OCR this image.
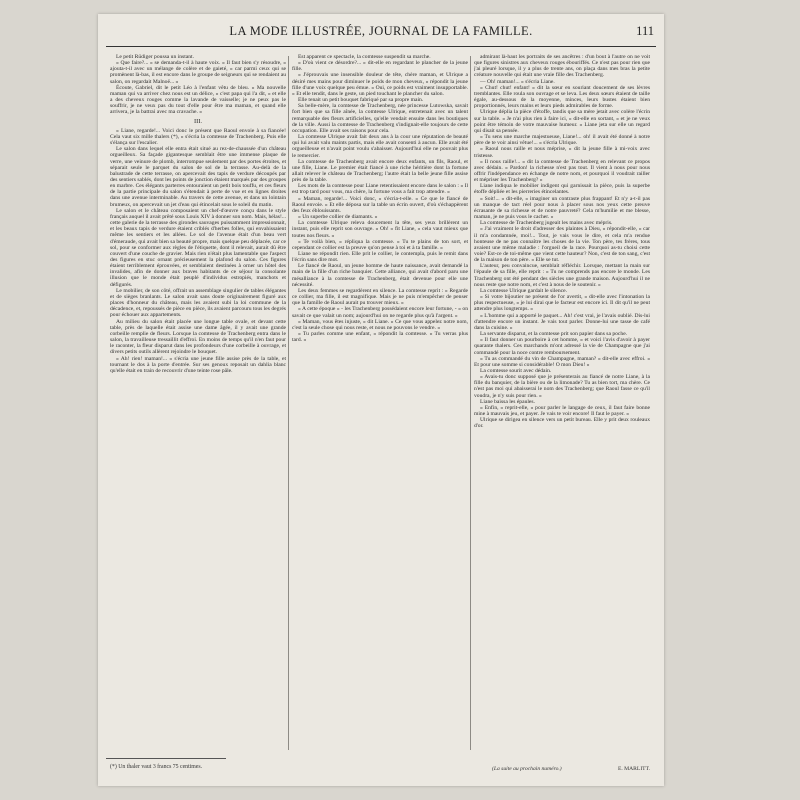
LA MODE ILLUSTRÉE, JOURNAL DE LA FAMILLE.	111

Le petit Rüdiger poussa un instant.

« Que faire?... » se demanda-t-il à haute voix. « Il faut bien s'y résoudre, » ajouta-t-il avec un mélange de colère et de gaieté, « car parmi ceux qui se promènent là-bas, il est encore dans le groupe de seigneurs qui se rendaient au salon, on regardait Malnoë... »

Écoute, Gabriel, dit le petit Léo à l'enfant vêtu de bleu. « Ma nouvelle maman qui va arriver chez nous est un délice, » c'est papa qui l'a dit, « et elle a des cheveux rouges comme la lavande de vaisselle; je ne peux pas le souffrir, je ne veux pas du tout d'elle pour être ma maman, et quand elle arrivera, je la battrai avec ma cravache. »

III.

« Liane, regarde!... Voici donc le présent que Raoul envoie à sa fiancée! Cela vaut six mille thalers (*), » s'écria la comtesse de Trachenberg. Puis elle s'élança sur l'escalier.

Le salon dans lequel elle entra était situé au rez-de-chaussée d'un château orgueilleux. Sa façade gigantesque semblait être une immense plaque de verre, une veinure de plomb, interrompue seulement par des portes étroites, et séparait seule le parquet du salon de sol de la terrasse. Au-delà de la balustrade de cette terrasse, on apercevait des tapis de verdure découpés par des sentiers sablés, dont les points de jonction étaient marqués par des groupes en marbre. Ces élégants parterres entouraient un petit bois touffu, et ces fleurs de la partie principale du salon s'étendait à perte de vue et en lignes droites dans une avenue interminable. Au travers de cette avenue, et dans un lointain brumeux, on apercevait un jet d'eau qui étincelait sous le soleil du matin.

Le salon et le château composaient un chef-d'œuvre conçu dans le style français auquel il avait prêté sous Louis XIV à donner son nom. Mais, hélas!... cette galerie de la terrasse des girondes sauvages puissamment impressionnait, et les beaux tapis de verdure étaient criblés d'herbes folles, qui envahissaient même les sentiers et les allées. Le sol de l'avenue était d'un beau vert d'émeraude, qui avait bien sa beauté propre, mais quelque peu déplacée, car ce sol, pour se conformer aux règles de l'étiquette, dont il relevait, aurait dû être couvert d'une couche de gravier. Mais rien n'était plus lamentable que l'aspect des figures en stuc ornant précieusement la plafond du salon. Ces figures étaient terriblement éprouvées, et semblaient destinées à orner un hôtel des invalides, afin de donner aux braves habitants de ce séjour la consolante illusion que le monde était peuplé d'individus estropiés, manchots et défigurés.

Le mobilier, de son côté, offrait un assemblage singulier de tables élégantes et de sièges branlants. Le salon avait sans doute originairement figuré aux places d'honneur du château, mais les avaient subi la loi commune de la décadence, et, repoussés de pièce en pièce, ils avaient parcouru tous les degrés pour échouer aux appartements.

Au milieu du salon était placée une longue table ovale, et devant cette table, près de laquelle était assise une dame âgée, il y avait une grande corbeille remplie de fleurs. Lorsque la comtesse de Trachenberg entra dans le salon, la travailleuse tressaillit d'effroi. En moins de temps qu'il n'en faut pour le raconter, la fleur disparut dans les profondeurs d'une corbeille à ouvrage, et divers petits outils allèrent rejoindre le bouquet.

« Ah! rien! maman!... » s'écria une jeune fille assise près de la table, et tournant le dos à la porte d'entrée. Sur ses genoux reposait un dahlia blanc qu'elle était en train de recouvrir d'une teinte rose pâle.

Est apparent ce spectacle, la comtesse suspendit sa marche.

« D'où vient ce désordre?... » dit-elle en regardant le plancher de la jeune fille.

« J'éprouvais une insensible douleur de tête, chère maman, et Ulrique a désiré mes mains pour diminuer le poids de mon cheveux, » répondit la jeune fille d'une voix quelque peu émue. « Oui, ce poids est vraiment insupportable. » Et elle tendit, dans le geste, un pied touchant le plancher du salon.

Elle tenait un petit bouquet fabriqué par sa propre main.

Sa belle-mère, la comtesse de Trachenberg, née princesse Lutowska, savait fort bien que sa fille aînée, la comtesse Ulrique, entretenait avec un talent remarquable des fleurs artificielles, qu'elle vendait ensuite dans les boutiques de la ville. Aussi la comtesse de Trachenberg s'indignait-elle toujours de cette occupation. Elle avait ses raisons pour cela.

La comtesse Ulrique avait fait deux ans à la cour une réputation de beauté qui lui avait valu maints partis, mais elle avait consenti à aucun. Elle avait été orgueilleuse et n'avait point voulu s'abaisser. Aujourd'hui elle ne pouvait plus le remercier.

La comtesse de Trachenberg avait encore deux enfants, un fils, Raoul, et une fille, Liane. Le premier était fiancé à une riche héritière dont la fortune allait relever le château de Trachenberg; l'autre était la belle jeune fille assise près de la table.

Les mots de la comtesse pour Liane retentissaient encore dans le salon : « Il est trop tard pour vous, ma chère, la fortune vous a fait trop attendre. »

« Maman, regarde!... Voici donc, » s'écria-t-elle. « Ce que le fiancé de Raoul envoie. » Et elle déposa sur la table un écrin ouvert, d'où s'échappèrent des feux éblouissants.

« Un superbe collier de diamants. »

La comtesse Ulrique releva doucement la tête, ses yeux brillèrent un instant, puis elle reprit son ouvrage. « Oh! » fit Liane, « cela vaut mieux que toutes nos fleurs. »

« Te voilà bien, » répliqua la comtesse. « Tu te plains de ton sort, et cependant ce collier est la preuve qu'on pense à toi et à ta famille. »

Liane ne répondit rien. Elle prit le collier, le contempla, puis le remit dans l'écrin sans dire mot.

Le fiancé de Raoul, un jeune homme de haute naissance, avait demandé la main de la fille d'un riche banquier. Cette alliance, qui avait d'abord paru une mésalliance à la comtesse de Trachenberg, était devenue pour elle une nécessité.

Les deux femmes se regardèrent en silence. La comtesse reprit : « Regarde ce collier, ma fille, il est magnifique. Mais je ne puis m'empêcher de penser que la famille de Raoul aurait pu trouver mieux. »

« A cette époque » - les Trachenberg possédaient encore leur fortune, - « on savait ce que valait un nom; aujourd'hui on ne regarde plus qu'à l'argent. »

« Maman, vous êtes injuste, » dit Liane. « Ce que vous appelez notre nom, c'est la seule chose qui nous reste, et nous ne pouvons le vendre. »

« Tu parles comme une enfant, » répondit la comtesse. « Tu verras plus tard. »

admirant là-haut les portraits de ses ancêtres : d'un bout à l'autre on ne voit que figures sinistres aux cheveux rouges ébouriffés. Ce n'est pas pour rien que j'ai pleuré lorsque, il y a plus de trente ans, on plaça dans mes bras la petite créature nouvelle qui était une vraie fille des Trachenberg.

— Oh! maman!... » s'écria Liane.

« Chut! chut! enfant! » dit la sœur en souriant doucement de ses lèvres tremblantes. Elle roula son ouvrage et se leva. Les deux sœurs étaient de taille égale, au-dessous de la moyenne, minces, leurs bustes étaient bien proportionnés, leurs mains et leurs pieds admirables de forme.

Ulrique déplia la pièce d'étoffe, tandis que sa mère jetait avec colère l'écrin sur la table. « Je n'ai plus rien à faire ici, » dit-elle en sortant, « et je ne veux point être témoin de votre mauvaise humeur. » Liane jeta sur elle un regard qui disait sa pensée.

« Tu sens une marche majestueuse, Liane!... oh! il avait été donné à notre père de te voir ainsi vêtue!... » s'écria Ulrique.

« Raoul nous raille et nous méprise, » dit la jeune fille à mi-voix avec tristesse.

« Il nous raille!... » dit la comtesse de Trachenberg en relevant ce propos avec dédain. « Pardon! la richesse n'est pas tout. Il vient à nous pour nous offrir l'indépendance en échange de notre nom, et pourquoi il voudrait railler et mépriser les Trachenberg? »

Liane indiqua le mobilier indigent qui garnissait la pièce, puis la superbe étoffe dépliée et les pierreries étincelantes.

« Soit!... » dit-elle, « imaginer un contraste plus frappant! Et n'y a-t-il pas un manque de tact réel pour nous à placer sous nos yeux cette preuve écrasante de sa richesse et de notre pauvreté? Cela m'humilie et me blesse, maman, je ne puis vous le cacher. »

La comtesse de Trachenberg jugeait les mains avec mépris.

« J'ai vraiment le droit d'adresser des plaintes à Dieu, » répondit-elle, « car il m'a condamnée, moi!... Tout, je vais vous le dire, et cela m'a rendue honteuse de ne pas connaître les choses de la vie. Ton père, tes frères, tous avaient une même maladie : l'orgueil de la race. Pourquoi as-tu choisi cette voie? Est-ce de toi-même que vient cette hauteur? Non, c'est de ton sang, c'est de la maison de ton père. » Elle se tut.

L'auteur, peu convaincue, semblait réfléchir. Lorsque, mettant la main sur l'épaule de sa fille, elle reprit : « Tu ne comprends pas encore le monde. Les Trachenberg ont été pendant des siècles une grande maison. Aujourd'hui il ne nous reste que notre nom, et c'est à nous de le soutenir. »

La comtesse Ulrique gardait le silence.

« Si votre bijoutier ne présent de l'or avertit, » dit-elle avec l'intonation la plus respectueuse, « je lui dirai que le facteur est encore ici. Il dit qu'il ne peut attendre plus longtemps. »

« L'homme qui a apporté le paquet... Ah! c'est vrai, je l'avais oublié. Dis-lui d'attendre encore un instant. Je vais tout parler. Donne-lui une tasse de café dans la cuisine. »

La servante disparut, et la comtesse prit son papier dans sa poche.

« Il faut donner un pourboire à cet homme, » et voici l'avis d'avoir à payer quarante thalers. Ces marchands m'ont adressé la vie de Champagne que j'ai commandé pour la noce contre remboursement.

« Tu as commandé du vin de Champagne, maman? » dit-elle avec effroi. « Et pour une somme si considérable! O mon Dieu! »

La comtesse sourit avec dédain.

« Avais-tu donc supposé que je présenterais au fiancé de notre Liane, à la fille du banquier, de la bière ou de la limonade? Tu as bien tort, ma chère. Ce n'est pas moi qui abaisserai le nom des Trachenberg; que Raoul fasse ce qu'il voudra, je n'y suis pour rien. »

Liane baissa les épaules.

« Enfin, » reprit-elle, « pour parler le langage de ceux, il faut faire bonne mine à mauvais jeu, et payer. Je vais te voir encore! Il faut le payer. »

Ulrique se dirigea en silence vers un petit bureau. Elle y prit deux rouleaux d'or.

(*) Un thaler vaut 3 francs 75 centimes.	(La suite au prochain numéro.)	E. MARLITT.
